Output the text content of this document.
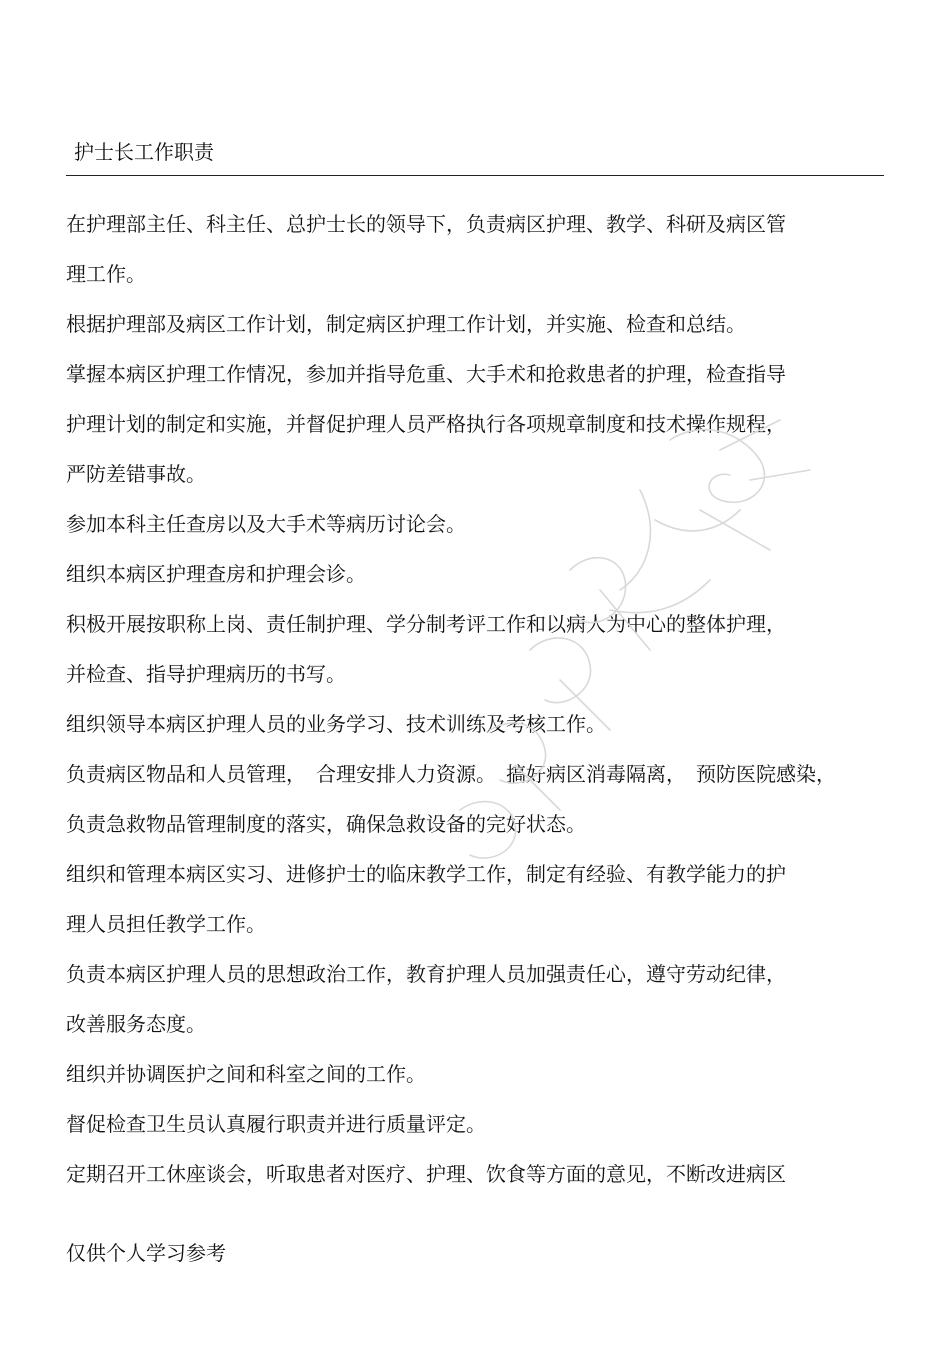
护士长工作职责
在护理部主任、科主任、总护士长的领导下，负责病区护理、教学、科研及病区管
理工作。
根据护理部及病区工作计划，制定病区护理工作计划，并实施、检查和总结。
掌握本病区护理工作情况，参加并指导危重、大手术和抢救患者的护理，检查指导
护理计划的制定和实施，并督促护理人员严格执行各项规章制度和技术操作规程，
严防差错事故。
参加本科主任查房以及大手术等病历讨论会。
组织本病区护理查房和护理会诊。
积极开展按职称上岗、责任制护理、学分制考评工作和以病人为中心的整体护理，
并检查、指导护理病历的书写。
组织领导本病区护理人员的业务学习、技术训练及考核工作。
负责病区物品和人员管理，　合理安排人力资源。　搞好病区消毒隔离，　预防医院感染，
负责急救物品管理制度的落实，确保急救设备的完好状态。
组织和管理本病区实习、进修护士的临床教学工作，制定有经验、有教学能力的护
理人员担任教学工作。
负责本病区护理人员的思想政治工作，教育护理人员加强责任心，遵守劳动纪律，
改善服务态度。
组织并协调医护之间和科室之间的工作。
督促检查卫生员认真履行职责并进行质量评定。
定期召开工休座谈会，听取患者对医疗、护理、饮食等方面的意见，不断改进病区
仅供个人学习参考
